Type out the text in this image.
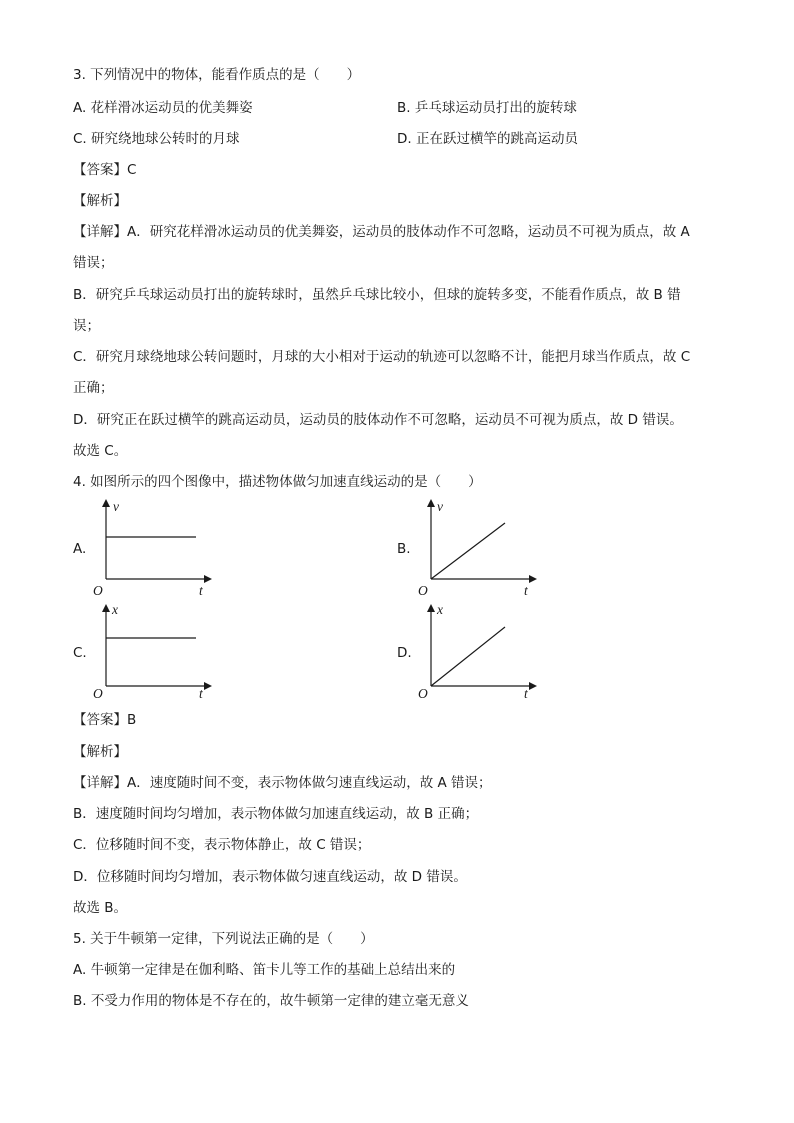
3. 下列情况中的物体，能看作质点的是（　　）
A. 花样滑冰运动员的优美舞姿	B. 乒乓球运动员打出的旋转球
C. 研究绕地球公转时的月球	D. 正在跃过横竿的跳高运动员
【答案】C
【解析】
【详解】A．研究花样滑冰运动员的优美舞姿，运动员的肢体动作不可忽略，运动员不可视为质点，故 A
错误；
B．研究乒乓球运动员打出的旋转球时，虽然乒乓球比较小，但球的旋转多变，不能看作质点，故 B 错
误；
C．研究月球绕地球公转问题时，月球的大小相对于运动的轨迹可以忽略不计，能把月球当作质点，故 C
正确；
D．研究正在跃过横竿的跳高运动员，运动员的肢体动作不可忽略，运动员不可视为质点，故 D 错误。
故选 C。
4. 如图所示的四个图像中，描述物体做匀加速直线运动的是（　　）
A.
v
O	t
B.
v
O	t
C.
x
O	t
D.
x
O	t
【答案】B
【解析】
【详解】A．速度随时间不变，表示物体做匀速直线运动，故 A 错误；
B．速度随时间均匀增加，表示物体做匀加速直线运动，故 B 正确；
C．位移随时间不变，表示物体静止，故 C 错误；
D．位移随时间均匀增加，表示物体做匀速直线运动，故 D 错误。
故选 B。
5. 关于牛顿第一定律，下列说法正确的是（　　）
A. 牛顿第一定律是在伽利略、笛卡儿等工作的基础上总结出来的
B. 不受力作用的物体是不存在的，故牛顿第一定律的建立毫无意义
